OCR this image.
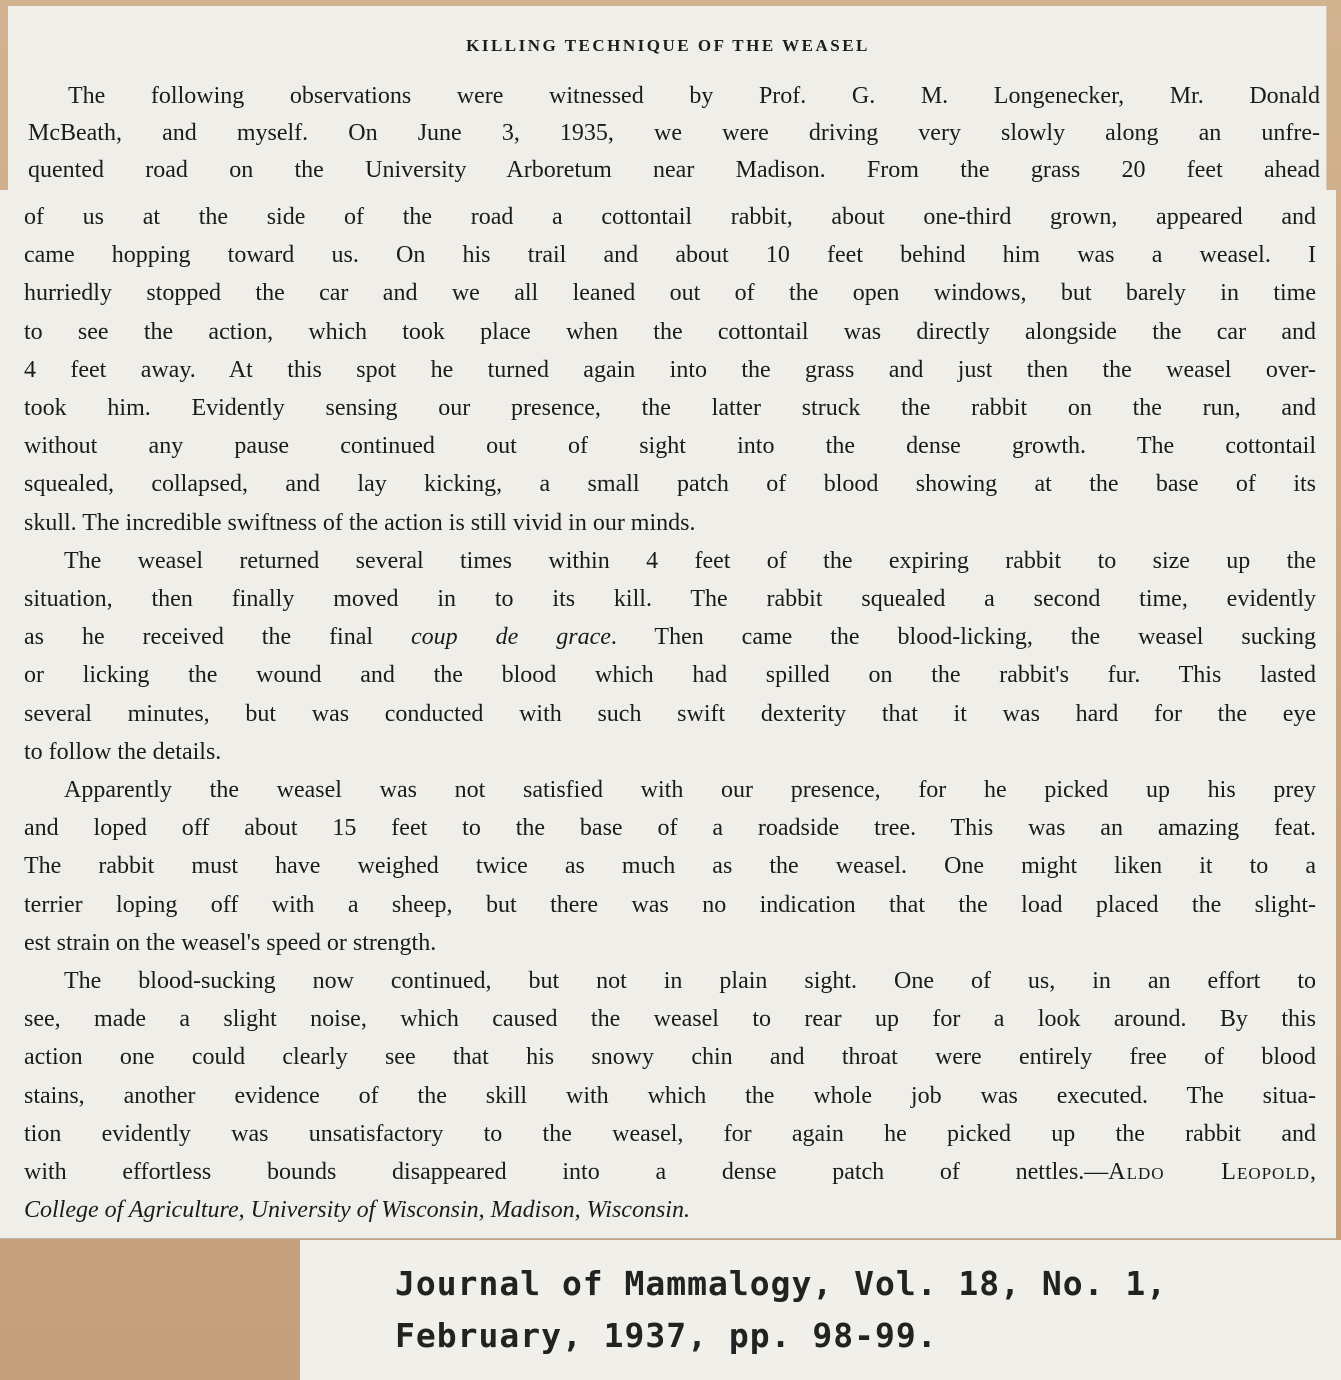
KILLING TECHNIQUE OF THE WEASEL
The following observations were witnessed by Prof. G. M. Longenecker, Mr. Donald
McBeath, and myself. On June 3, 1935, we were driving very slowly along an unfre-
quented road on the University Arboretum near Madison. From the grass 20 feet ahead
of us at the side of the road a cottontail rabbit, about one-third grown, appeared and
came hopping toward us. On his trail and about 10 feet behind him was a weasel. I
hurriedly stopped the car and we all leaned out of the open windows, but barely in time
to see the action, which took place when the cottontail was directly alongside the car and
4 feet away. At this spot he turned again into the grass and just then the weasel over-
took him. Evidently sensing our presence, the latter struck the rabbit on the run, and
without any pause continued out of sight into the dense growth. The cottontail
squealed, collapsed, and lay kicking, a small patch of blood showing at the base of its
skull. The incredible swiftness of the action is still vivid in our minds.
The weasel returned several times within 4 feet of the expiring rabbit to size up the
situation, then finally moved in to its kill. The rabbit squealed a second time, evidently
as he received the final coup de grace. Then came the blood-licking, the weasel sucking
or licking the wound and the blood which had spilled on the rabbit's fur. This lasted
several minutes, but was conducted with such swift dexterity that it was hard for the eye
to follow the details.
Apparently the weasel was not satisfied with our presence, for he picked up his prey
and loped off about 15 feet to the base of a roadside tree. This was an amazing feat.
The rabbit must have weighed twice as much as the weasel. One might liken it to a
terrier loping off with a sheep, but there was no indication that the load placed the slight-
est strain on the weasel's speed or strength.
The blood-sucking now continued, but not in plain sight. One of us, in an effort to
see, made a slight noise, which caused the weasel to rear up for a look around. By this
action one could clearly see that his snowy chin and throat were entirely free of blood
stains, another evidence of the skill with which the whole job was executed. The situa-
tion evidently was unsatisfactory to the weasel, for again he picked up the rabbit and
with effortless bounds disappeared into a dense patch of nettles.—Aldo Leopold,
College of Agriculture, University of Wisconsin, Madison, Wisconsin.
Journal of Mammalogy, Vol. 18, No. 1,
February, 1937, pp. 98-99.
